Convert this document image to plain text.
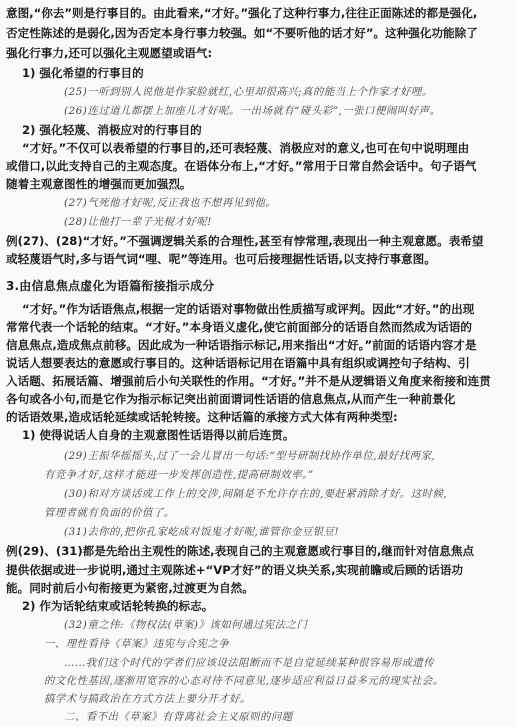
意图,“你去”则是行事目的。由此看来,“才好。”强化了这种行事力,往往正面陈述的都是强化,
否定性陈述的是弱化,因为否定本身行事力较强。如“不要听他的话才好”。这种强化功能除了
强化行事力,还可以强化主观愿望或语气:
1) 强化希望的行事目的
(25)一听到别人说他是作家脸就红,心里却很高兴;真的能当上个作家才好哩。
(26)连过道儿都摆上加座儿才好呢。一出场就有“碰头彩”,一张口便闹叫好声。
2) 强化轻蔑、消极应对的行事目的
“才好。”不仅可以表希望的行事目的,还可表轻蔑、消极应对的意义,也可在句中说明理由
或借口,以此支持自己的主观态度。在语体分布上,“才好。”常用于日常自然会话中。句子语气
随着主观意图性的增强而更加强烈。
(27)气死他才好呢,反正我也不想再见到他。
(28)让他打一辈子光棍才好呢!
例(27)、(28)“才好。”不强调逻辑关系的合理性,甚至有悖常理,表现出一种主观意愿。表希望
或轻蔑语气时,多与语气词“哩、呢”等连用。也可后接理据性话语,以支持行事意图。
3.由信息焦点虚化为语篇衔接指示成分
“才好。”作为话语焦点,根据一定的话语对事物做出性质描写或评判。因此“才好。”的出现
常常代表一个话轮的结束。“才好。”本身语义虚化,使它前面部分的话语自然而然成为话语的
信息焦点,造成焦点前移。因此成为一种话语指示标记,用来指出“才好。”前面的话语内容才是
说话人想要表达的意愿或行事目的。这种话语标记用在语篇中具有组织或调控句子结构、引
入话题、拓展话篇、增强前后小句关联性的作用。“才好。”并不是从逻辑语义角度来衔接和连贯
各句或各小句,而是它作为指示标记突出前面谓词性话语的信息焦点,从而产生一种前景化
的话语效果,造成话轮延续或话轮转接。这种话篇的承接方式大体有两种类型:
1) 使得说话人自身的主观意图性话语得以前后连贯。
(29)王振华摇摇头,过了一会儿冒出一句话:“型号研制找协作单位,最好找两家,
有竞争才好,这样才能进一步发挥创造性,提高研制效率。”
(30)和对方谈话或工作上的交涉,间隔是不允许存在的,要赶紧消除才好。这时候,
管理者就有负面的价值了。
(31)去你的,把你孔家屹成对饭鬼才好呢,谁管你金豆银豆!
例(29)、(31)都是先给出主观性的陈述,表现自己的主观意愿或行事目的,继而针对信息焦点
提供依据或进一步说明,通过主观陈述+“VP才好”的语义块关系,实现前瞻或后顾的话语功
能。同时前后小句衔接更为紧密,过渡更为自然。
2) 作为话轮结束或话轮转换的标志。
(32)童之伟:《物权法(草案)》该如何通过宪法之门
一、理性看待《草案》违宪与合宪之争
……我们这个时代的学者们应该设法阻断而不是自觉延续某种很容易形成遗传
的文化性基因,逐渐用宽容的心态对待不同意见,逐步适应利益日益多元的现实社会。
搞学术与搞政治在方式方法上要分开才好。
二、看不出《草案》有背离社会主义原则的问题
